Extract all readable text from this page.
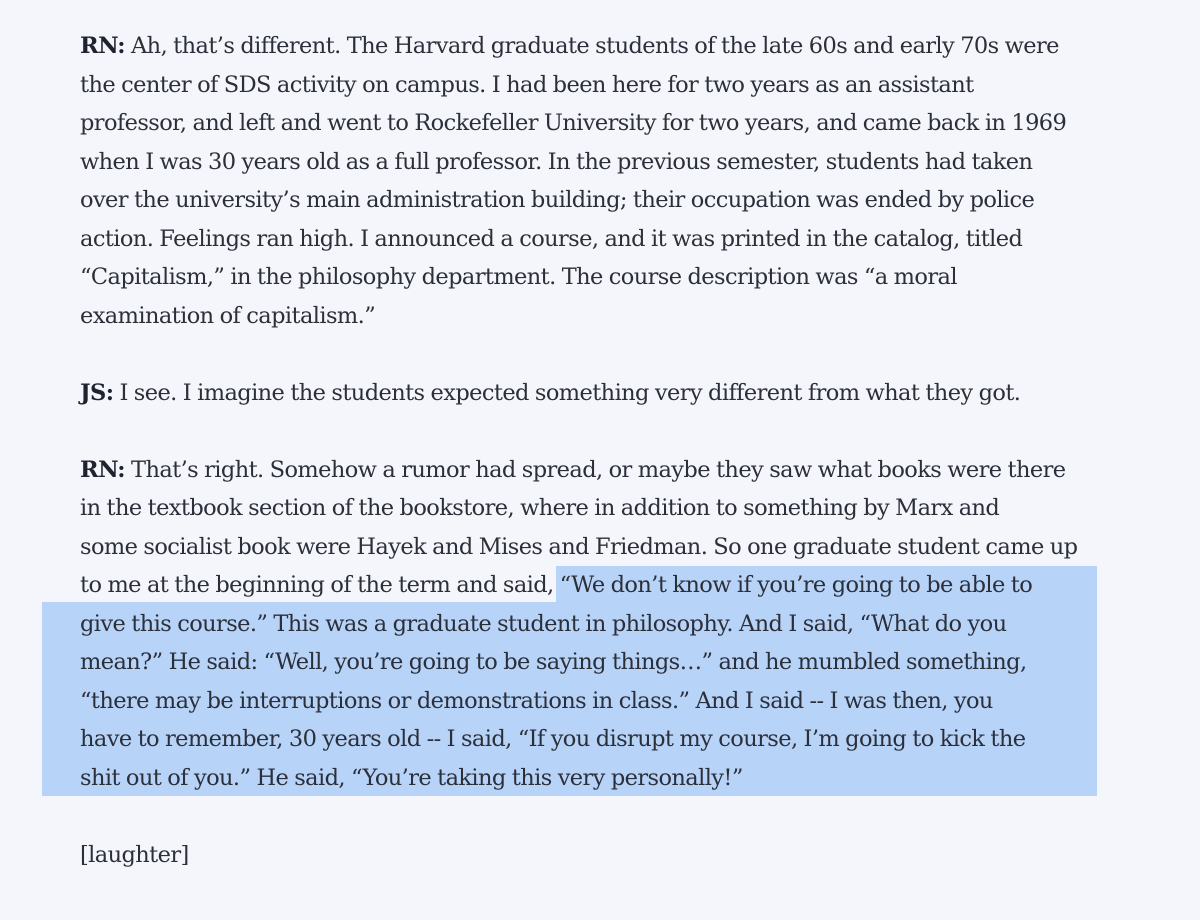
RN: Ah, that’s different. The Harvard graduate students of the late 60s and early 70s were
the center of SDS activity on campus. I had been here for two years as an assistant
professor, and left and went to Rockefeller University for two years, and came back in 1969
when I was 30 years old as a full professor. In the previous semester, students had taken
over the university’s main administration building; their occupation was ended by police
action. Feelings ran high. I announced a course, and it was printed in the catalog, titled
“Capitalism,” in the philosophy department. The course description was “a moral
examination of capitalism.”

JS: I see. I imagine the students expected something very different from what they got.

RN: That’s right. Somehow a rumor had spread, or maybe they saw what books were there
in the textbook section of the bookstore, where in addition to something by Marx and
some socialist book were Hayek and Mises and Friedman. So one graduate student came up
to me at the beginning of the term and said, “We don’t know if you’re going to be able to
give this course.” This was a graduate student in philosophy. And I said, “What do you
mean?” He said: “Well, you’re going to be saying things…” and he mumbled something,
“there may be interruptions or demonstrations in class.” And I said -- I was then, you
have to remember, 30 years old -- I said, “If you disrupt my course, I’m going to kick the
shit out of you.” He said, “You’re taking this very personally!”

[laughter]
